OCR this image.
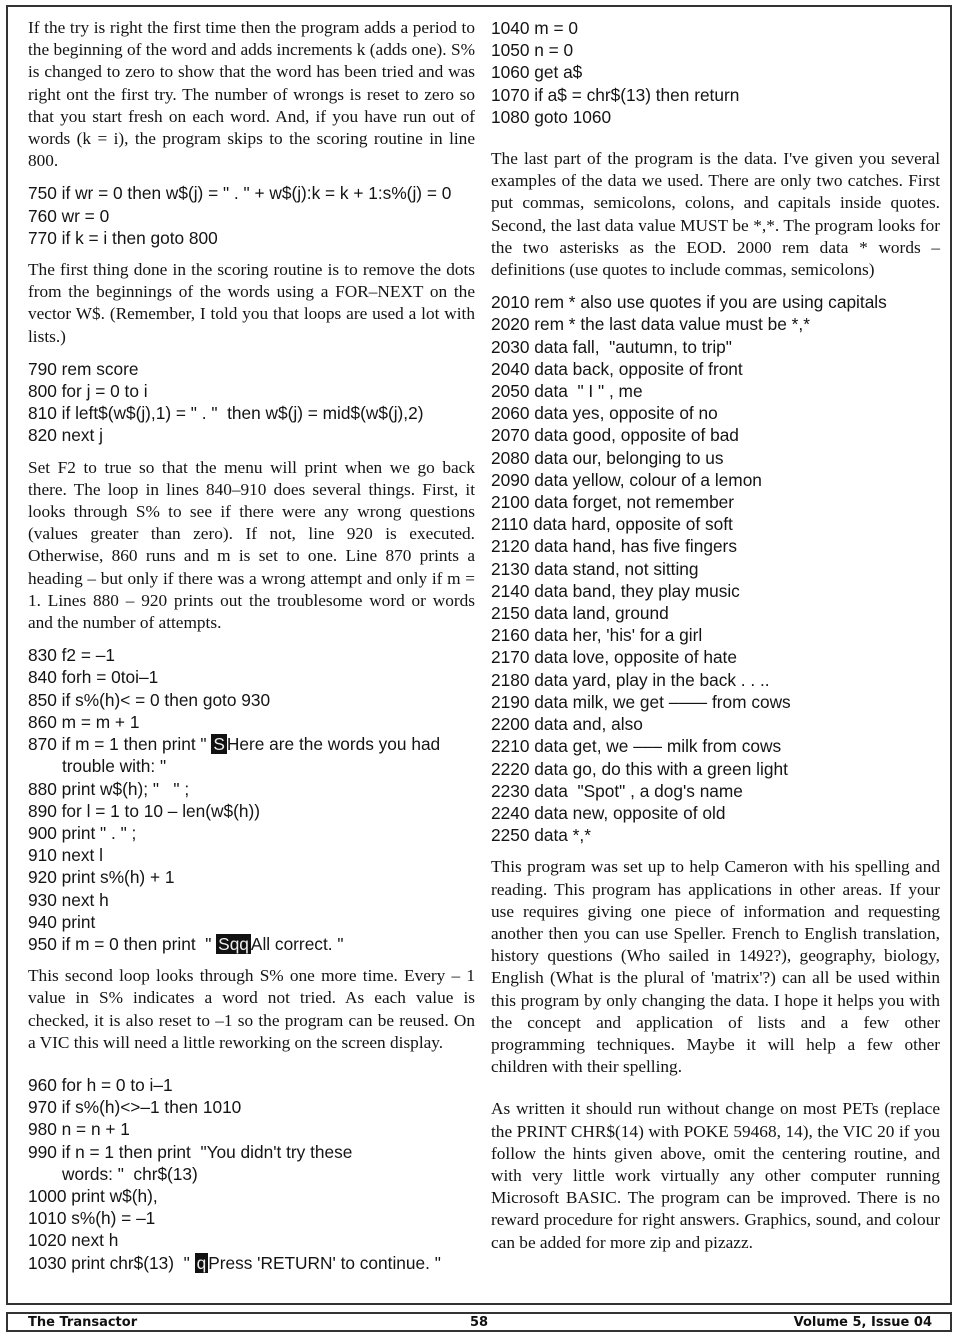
If the try is right the first time then the program adds a period to the beginning of the word and adds increments k (adds one). S% is changed to zero to show that the word has been tried and was right ont the first try. The number of wrongs is reset to zero so that you start fresh on each word. And, if you have run out of words (k = i), the program skips to the scoring routine in line 800.

750 if wr = 0 then w$(j) = " . " + w$(j):k = k + 1:s%(j) = 0
760 wr = 0
770 if k = i then goto 800

The first thing done in the scoring routine is to remove the dots from the beginnings of the words using a FOR–NEXT on the vector W$. (Remember, I told you that loops are used a lot with lists.)

790 rem score
800 for j = 0 to i
810 if left$(w$(j),1) = " . "  then w$(j) = mid$(w$(j),2)
820 next j

Set F2 to true so that the menu will print when we go back there. The loop in lines 840–910 does several things. First, it looks through S% to see if there were any wrong questions (values greater than zero). If not, line 920 is executed. Otherwise, 860 runs and m is set to one. Line 870 prints a heading – but only if there was a wrong attempt and only if m = 1. Lines 880 – 920 prints out the troublesome word or words and the number of attempts.

830 f2 = –1
840 forh = 0toi–1
850 if s%(h)< = 0 then goto 930
860 m = m + 1
870 if m = 1 then print " S Here are the words you had
trouble with: "
880 print w$(h); "   " ;
890 for l = 1 to 10 – len(w$(h))
900 print " . " ;
910 next l
920 print s%(h) + 1
930 next h
940 print
950 if m = 0 then print  " Sqq All correct. "

This second loop looks through S% one more time. Every – 1 value in S% indicates a word not tried. As each value is checked, it is also reset to –1 so the program can be reused. On a VIC this will need a little reworking on the screen display.

960 for h = 0 to i–1
970 if s%(h)<>–1 then 1010
980 n = n + 1
990 if n = 1 then print  "You didn't try these
words: "  chr$(13)
1000 print w$(h),
1010 s%(h) = –1
1020 next h
1030 print chr$(13)  " q Press 'RETURN' to continue. "
1040 m = 0
1050 n = 0
1060 get a$
1070 if a$ = chr$(13) then return
1080 goto 1060

The last part of the program is the data. I've given you several examples of the data we used. There are only two catches. First put commas, semicolons, colons, and capitals inside quotes. Second, the last data value MUST be *,*. The program looks for the two asterisks as the EOD. 2000 rem data * words – definitions (use quotes to include commas, semicolons)

2010 rem * also use quotes if you are using capitals
2020 rem * the last data value must be *,*
2030 data fall,  "autumn, to trip"
2040 data back, opposite of front
2050 data  " I " , me
2060 data yes, opposite of no
2070 data good, opposite of bad
2080 data our, belonging to us
2090 data yellow, colour of a lemon
2100 data forget, not remember
2110 data hard, opposite of soft
2120 data hand, has five fingers
2130 data stand, not sitting
2140 data band, they play music
2150 data land, ground
2160 data her, 'his' for a girl
2170 data love, opposite of hate
2180 data yard, play in the back . . ..
2190 data milk, we get –––– from cows
2200 data and, also
2210 data get, we ––– milk from cows
2220 data go, do this with a green light
2230 data  "Spot" , a dog's name
2240 data new, opposite of old
2250 data *,*

This program was set up to help Cameron with his spelling and reading. This program has applications in other areas. If your use requires giving one piece of information and requesting another then you can use Speller. French to English translation, history questions (Who sailed in 1492?), geography, biology, English (What is the plural of 'matrix'?) can all be used within this program by only changing the data. I hope it helps you with the concept and application of lists and a few other programming techniques. Maybe it will help a few other children with their spelling.

As written it should run without change on most PETs (replace the PRINT CHR$(14) with POKE 59468, 14), the VIC 20 if you follow the hints given above, omit the centering routine, and with very little work virtually any other computer running Microsoft BASIC. The program can be improved. There is no reward procedure for right answers. Graphics, sound, and colour can be added for more zip and pizazz.

The Transactor	58	Volume 5, Issue 04
